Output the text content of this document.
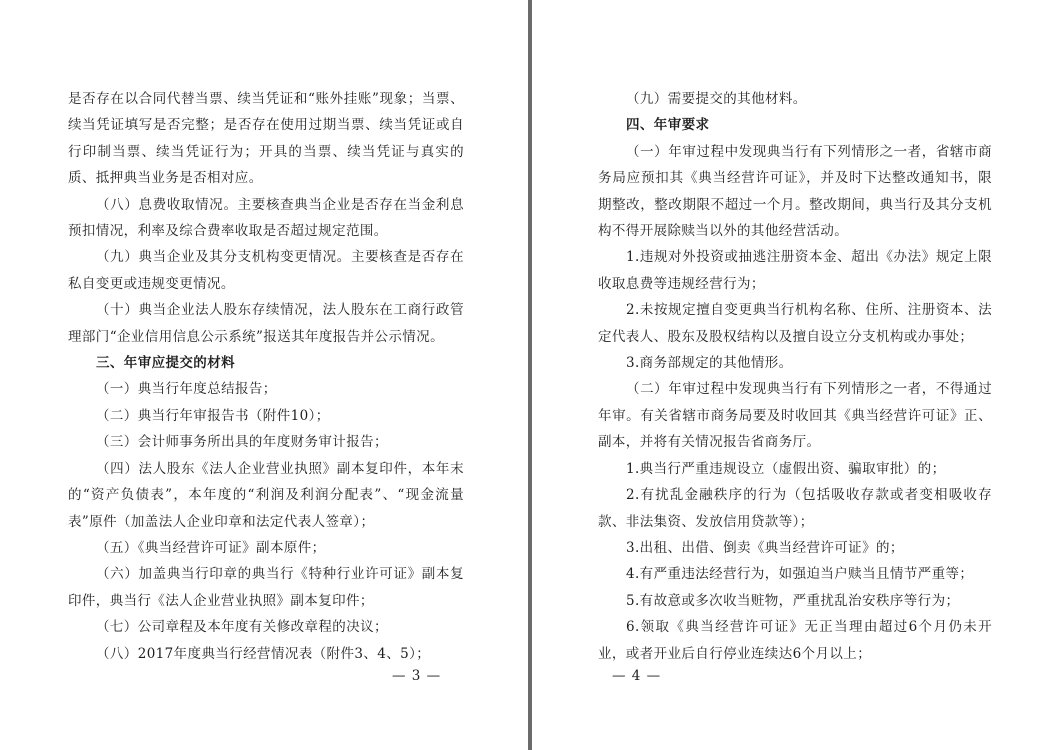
是否存在以合同代替当票、续当凭证和“账外挂账”现象；当票、续当凭证填写是否完整；是否存在使用过期当票、续当凭证或自行印制当票、续当凭证行为；开具的当票、续当凭证与真实的质、抵押典当业务是否相对应。

（八）息费收取情况。主要核查典当企业是否存在当金利息预扣情况，利率及综合费率收取是否超过规定范围。

（九）典当企业及其分支机构变更情况。主要核查是否存在私自变更或违规变更情况。

（十）典当企业法人股东存续情况，法人股东在工商行政管理部门“企业信用信息公示系统”报送其年度报告并公示情况。

三、年审应提交的材料

（一）典当行年度总结报告；

（二）典当行年审报告书（附件10）；

（三）会计师事务所出具的年度财务审计报告；

（四）法人股东《法人企业营业执照》副本复印件，本年末的“资产负债表”，本年度的“利润及利润分配表”、“现金流量表”原件（加盖法人企业印章和法定代表人签章）；

（五）《典当经营许可证》副本原件；

（六）加盖典当行印章的典当行《特种行业许可证》副本复印件，典当行《法人企业营业执照》副本复印件；

（七）公司章程及本年度有关修改章程的决议；

（八）2017年度典当行经营情况表（附件3、4、5）；

— 3 —

（九）需要提交的其他材料。

四、年审要求

（一）年审过程中发现典当行有下列情形之一者，省辖市商务局应预扣其《典当经营许可证》，并及时下达整改通知书，限期整改，整改期限不超过一个月。整改期间，典当行及其分支机构不得开展除赎当以外的其他经营活动。

1.违规对外投资或抽逃注册资本金、超出《办法》规定上限收取息费等违规经营行为；

2.未按规定擅自变更典当行机构名称、住所、注册资本、法定代表人、股东及股权结构以及擅自设立分支机构或办事处；

3.商务部规定的其他情形。

（二）年审过程中发现典当行有下列情形之一者，不得通过年审。有关省辖市商务局要及时收回其《典当经营许可证》正、副本，并将有关情况报告省商务厅。

1.典当行严重违规设立（虚假出资、骗取审批）的；

2.有扰乱金融秩序的行为（包括吸收存款或者变相吸收存款、非法集资、发放信用贷款等）；

3.出租、出借、倒卖《典当经营许可证》的；

4.有严重违法经营行为，如强迫当户赎当且情节严重等；

5.有故意或多次收当赃物，严重扰乱治安秩序等行为；

6.领取《典当经营许可证》无正当理由超过6个月仍未开业，或者开业后自行停业连续达6个月以上；

— 4 —
